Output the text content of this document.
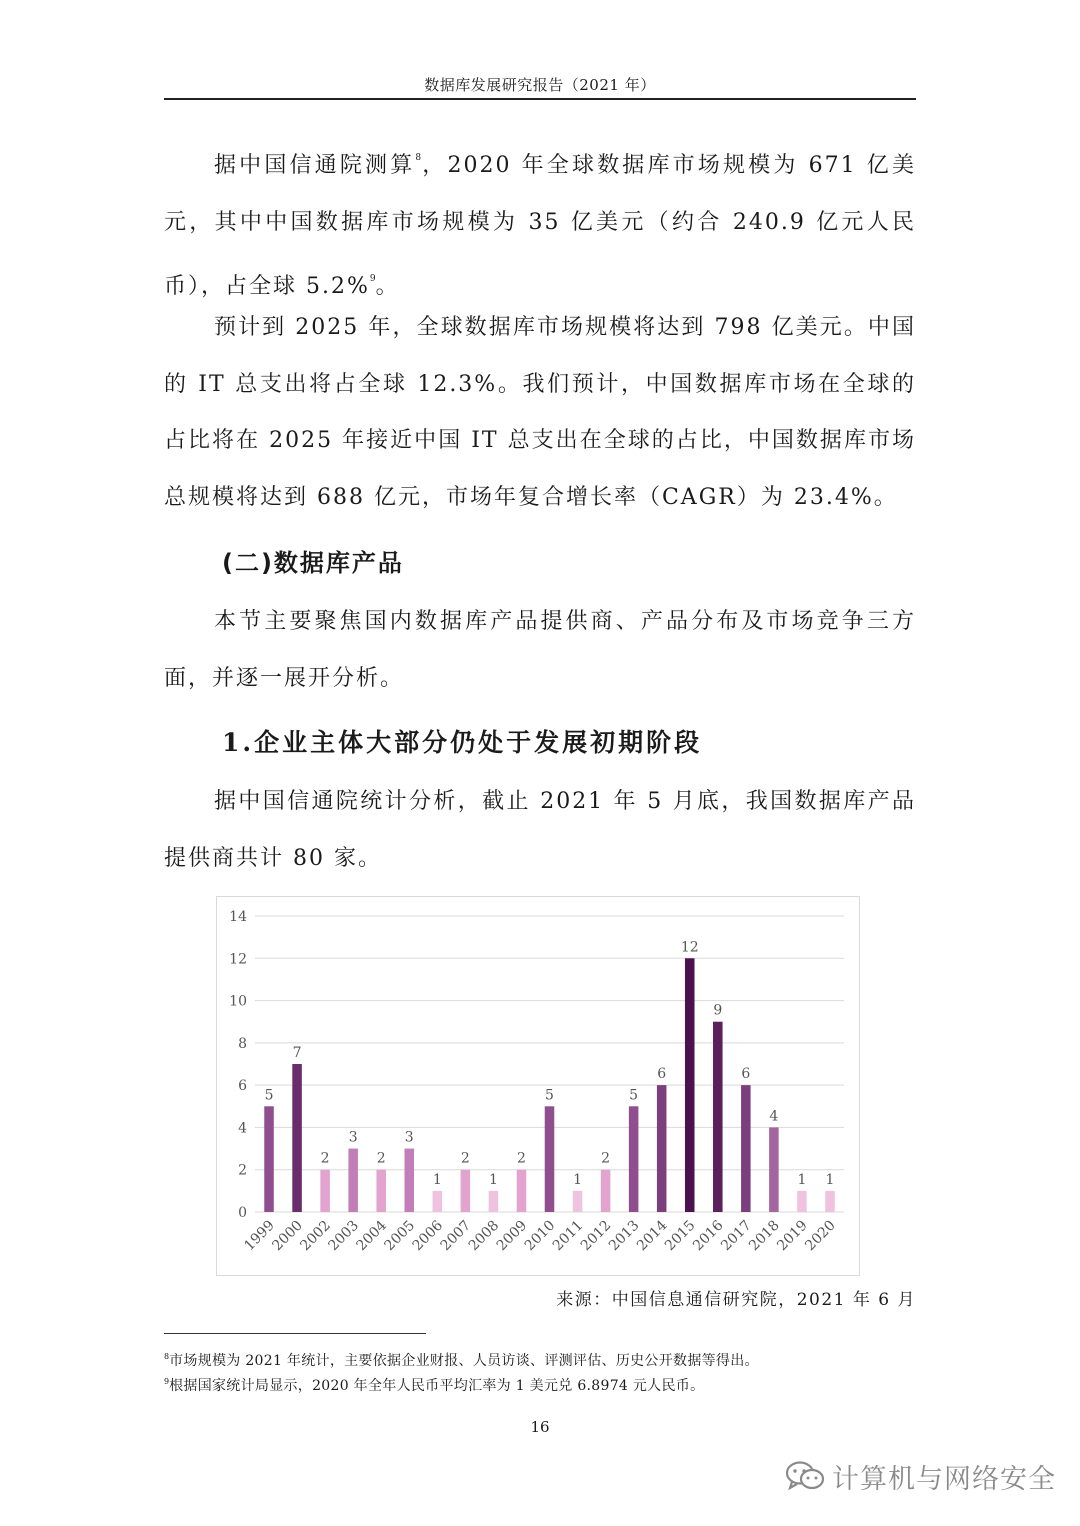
数据库发展研究报告（2021 年）

据中国信通院测算$^8$，2020 年全球数据库市场规模为 671 亿美元，其中中国数据库市场规模为 35 亿美元（约合 240.9 亿元人民币），占全球 5.2%$^9$。

预计到 2025 年，全球数据库市场规模将达到 798 亿美元。中国的 IT 总支出将占全球 12.3%。我们预计，中国数据库市场在全球的占比将在 2025 年接近中国 IT 总支出在全球的占比，中国数据库市场总规模将达到 688 亿元，市场年复合增长率（CAGR）为 23.4%。

(二)数据库产品

本节主要聚焦国内数据库产品提供商、产品分布及市场竞争三方面，并逐一展开分析。

1.企业主体大部分仍处于发展初期阶段

据中国信通院统计分析，截止 2021 年 5 月底，我国数据库产品提供商共计 80 家。

0
2
4
6
8
10
12
14
5
1999
7
2000
2
2002
3
2003
2
2004
3
2005
1
2006
2
2007
1
2008
2
2009
5
2010
1
2011
2
2012
5
2013
6
2014
12
2015
9
2016
6
2017
4
2018
1
2019
1
2020
来源：中国信息通信研究院，2021 年 6 月
$^8$市场规模为 2021 年统计，主要依据企业财报、人员访谈、评测评估、历史公开数据等得出。
$^9$根据国家统计局显示，2020 年全年人民币平均汇率为 1 美元兑 6.8974 元人民币。
16
计算机与网络安全
